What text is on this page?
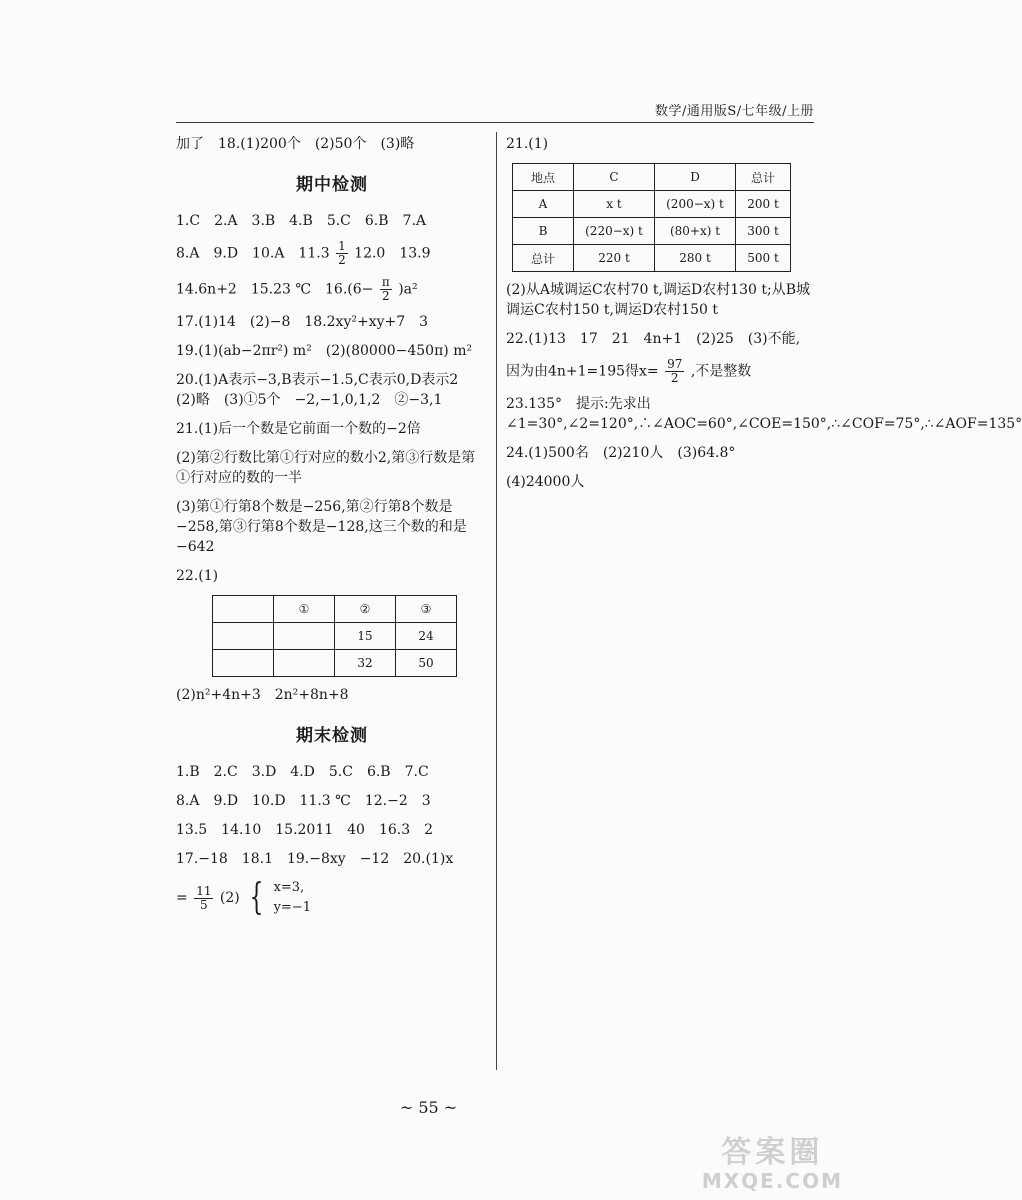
数学/通用版S/七年级/上册
加了　18.(1)200个　(2)50个　(3)略
期中检测
1.C　2.A　3.B　4.B　5.C　6.B　7.A
8.A　9.D　10.A　$11.3 \frac{1}{2} 12.0$　13.9
14.6n+2　15.23 ℃　$16.(6- \frac{\pi}{2} )a^2$
17.(1)14　(2)−8　18.2xy²+xy+7　3
19.(1)(ab−2πr²) m²　(2)(80000−450π) m²
20.(1)A表示−3,B表示−1.5,C表示0,D表示2　(2)略　(3)①5个　−2,−1,0,1,2　②−3,1
21.(1)后一个数是它前面一个数的−2倍
(2)第②行数比第①行对应的数小2,第③行数是第①行对应的数的一半
(3)第①行第8个数是−256,第②行第8个数是−258,第③行第8个数是−128,这三个数的和是−642
22.(1)
	①	②	③
		15	24
		32	50
(2)n²+4n+3　2n²+8n+8
期末检测
1.B　2.C　3.D　4.D　5.C　6.B　7.C
8.A　9.D　10.D　11.3 ℃　12.−2　3
13.5　14.10　15.2011　40　16.3　2
17.−18　18.1　19.−8xy　−12　20.(1)x
= $\frac{11}{5} (2)$ { x=3,
y=−1
21.(1)
地点	C	D	总计
A	x t	(200−x) t	200 t
B	(220−x) t	(80+x) t	300 t
总计	220 t	280 t	500 t
(2)从A城调运C农村70 t,调运D农村130 t;从B城调运C农村150 t,调运D农村150 t
22.(1)13　17　21　4n+1　(2)25　(3)不能,
因为由4n+1=195得$x= \frac{97}{2}$ ,不是整数
23.135°　提示:先求出∠1=30°,∠2=120°,∴∠AOC=60°,∠COE=150°,∴∠COF=75°,∴∠AOF=135°
24.(1)500名　(2)210人　(3)64.8°
(4)24000人
~ 55 ~
答案圈
MXQE.COM
